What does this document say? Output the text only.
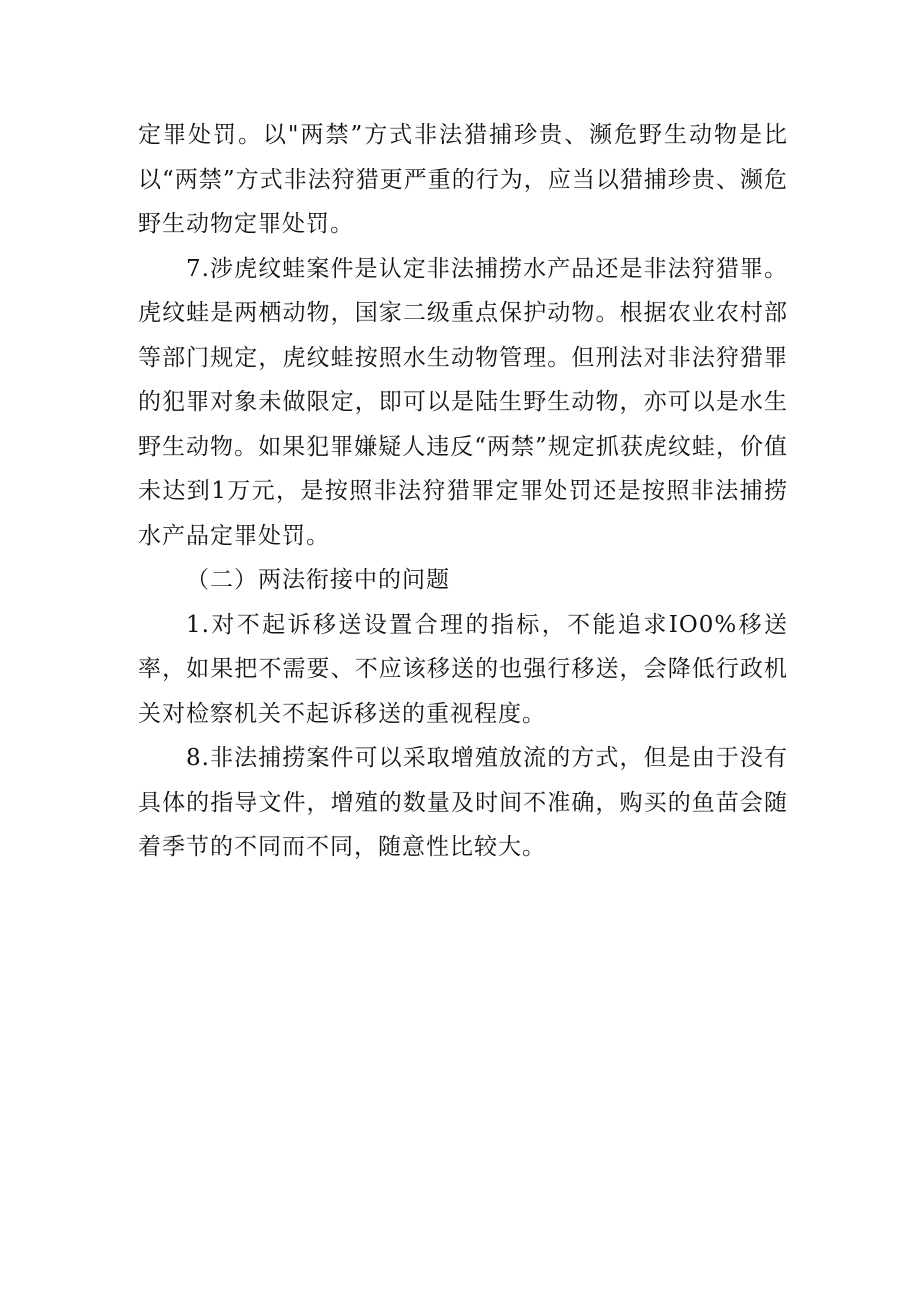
定罪处罚。以"两禁”方式非法猎捕珍贵、濒危野生动物是比以“两禁”方式非法狩猎更严重的行为，应当以猎捕珍贵、濒危野生动物定罪处罚。

7.涉虎纹蛙案件是认定非法捕捞水产品还是非法狩猎罪。虎纹蛙是两栖动物，国家二级重点保护动物。根据农业农村部等部门规定，虎纹蛙按照水生动物管理。但刑法对非法狩猎罪的犯罪对象未做限定，即可以是陆生野生动物，亦可以是水生野生动物。如果犯罪嫌疑人违反“两禁”规定抓获虎纹蛙，价值未达到1万元，是按照非法狩猎罪定罪处罚还是按照非法捕捞水产品定罪处罚。

（二）两法衔接中的问题

1.对不起诉移送设置合理的指标，不能追求IO0%移送率，如果把不需要、不应该移送的也强行移送，会降低行政机关对检察机关不起诉移送的重视程度。

8.非法捕捞案件可以采取增殖放流的方式，但是由于没有具体的指导文件，增殖的数量及时间不准确，购买的鱼苗会随着季节的不同而不同，随意性比较大。
